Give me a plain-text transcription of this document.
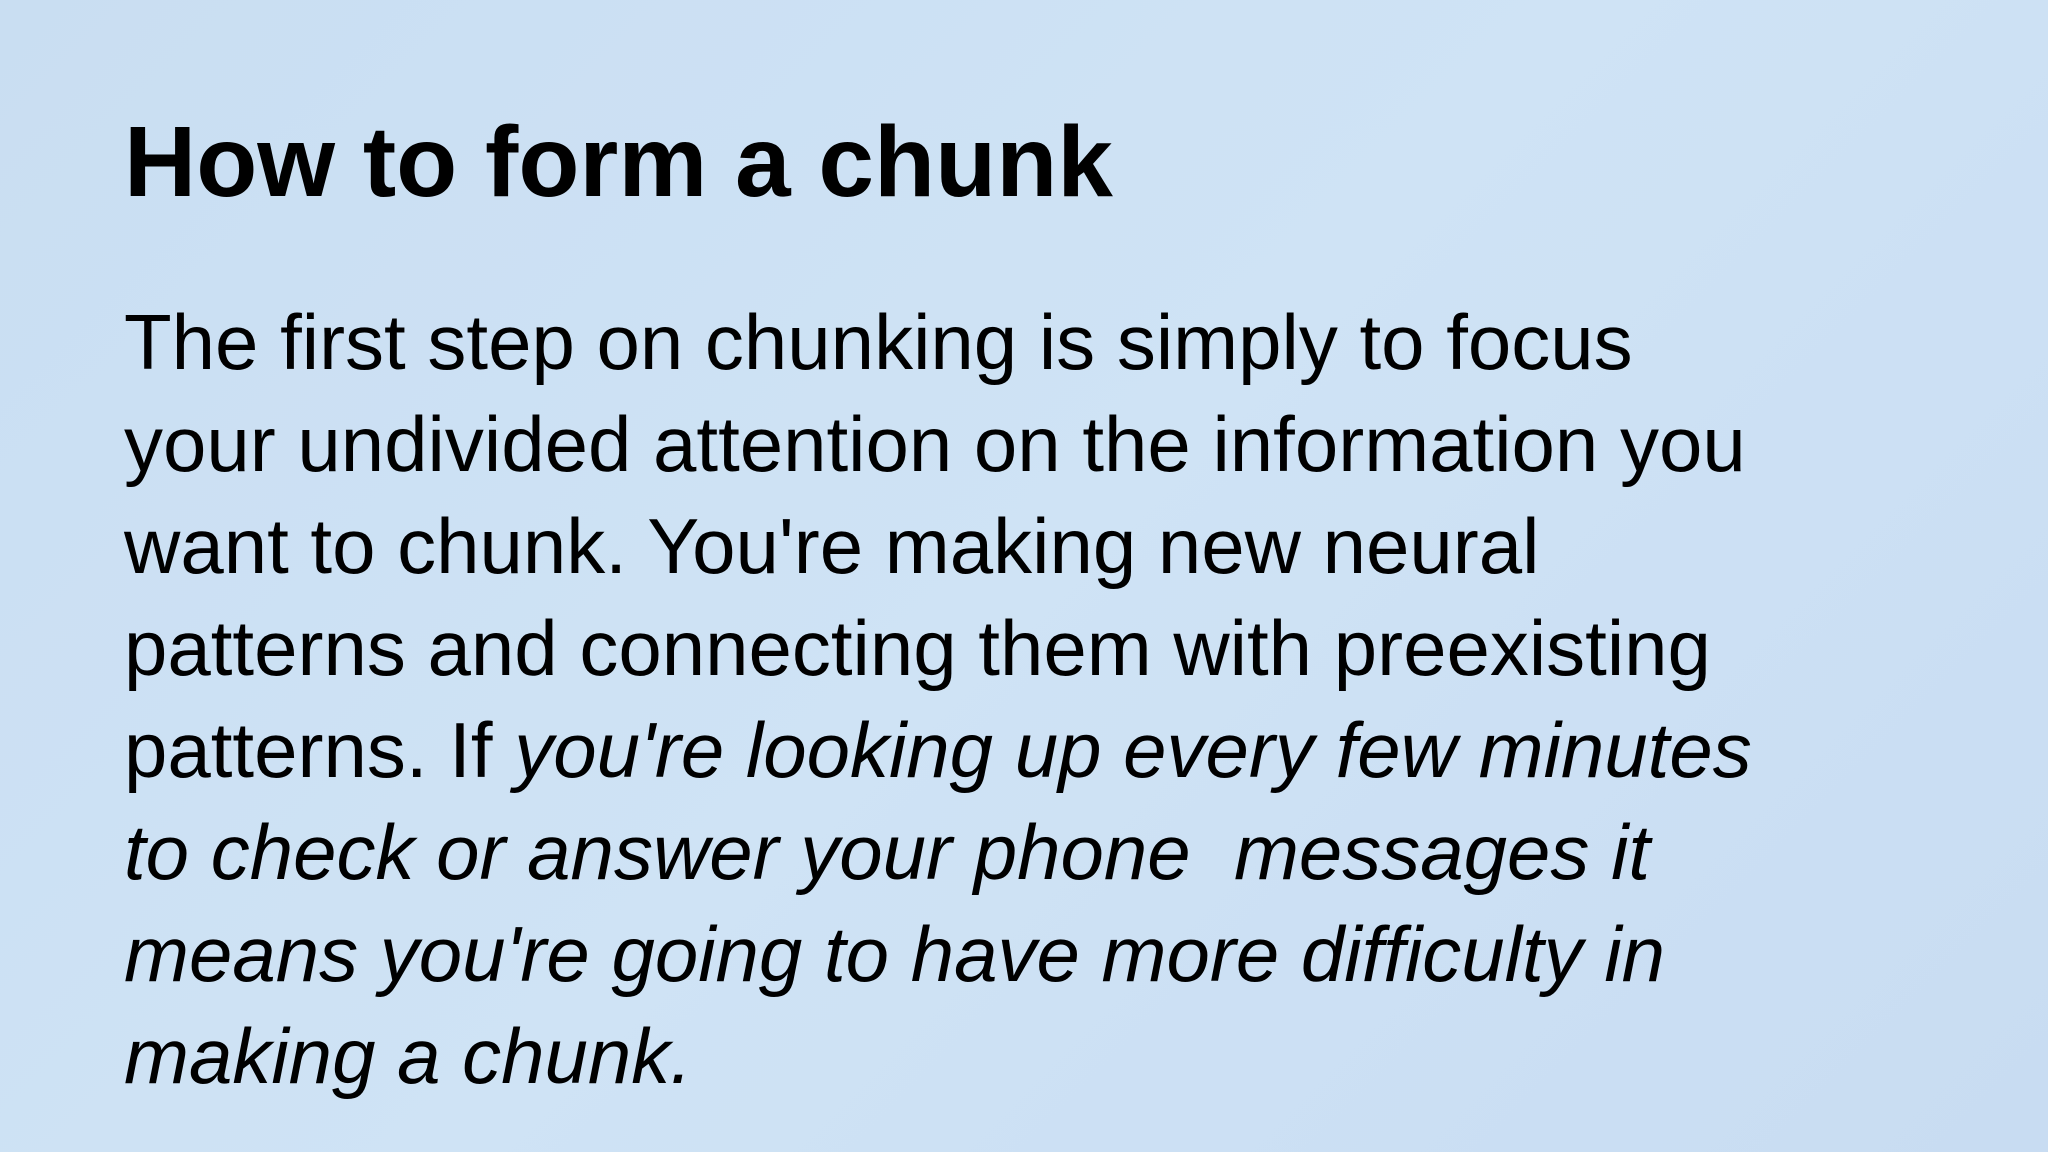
How to form a chunk
The first step on chunking is simply to focus
your undivided attention on the information you
want to chunk. You're making new neural
patterns and connecting them with preexisting
patterns. If you're looking up every few minutes
to check or answer your phone  messages it
means you're going to have more difficulty in
making a chunk.
